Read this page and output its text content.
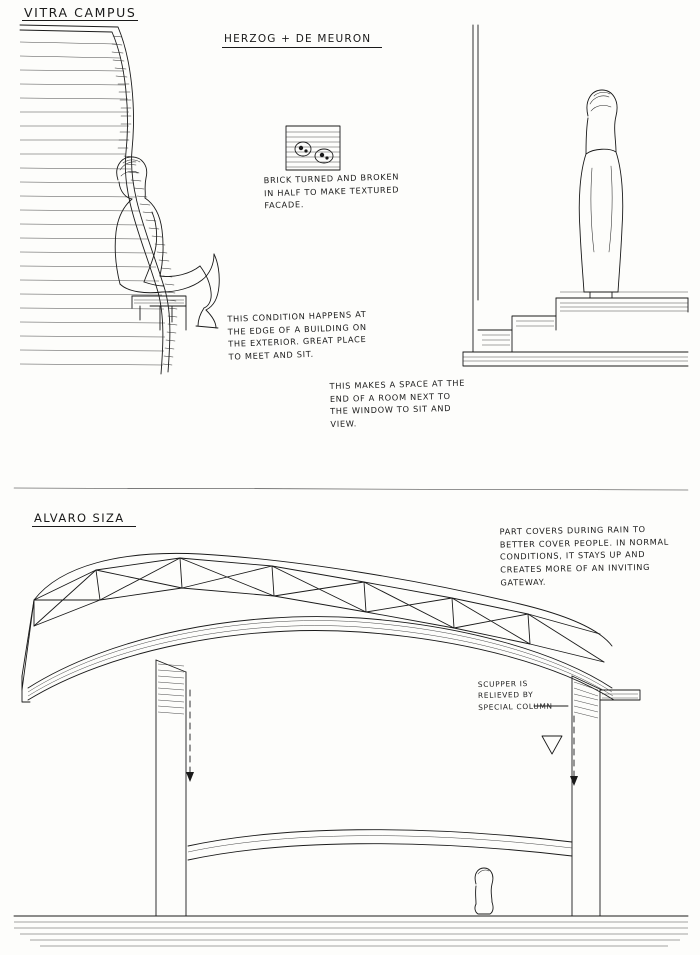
VITRA CAMPUS
HERZOG + DE MEURON
BRICK TURNED AND BROKEN
IN HALF TO MAKE TEXTURED
FACADE.
THIS CONDITION HAPPENS AT
THE EDGE OF A BUILDING ON
THE EXTERIOR. GREAT PLACE
TO MEET AND SIT.
THIS MAKES A SPACE AT THE
END OF A ROOM NEXT TO
THE WINDOW TO SIT AND
VIEW.
ALVARO SIZA
PART COVERS DURING RAIN TO
BETTER COVER PEOPLE. IN NORMAL
CONDITIONS, IT STAYS UP AND
CREATES MORE OF AN INVITING
GATEWAY.
SCUPPER IS
RELIEVED BY
SPECIAL COLUMN
